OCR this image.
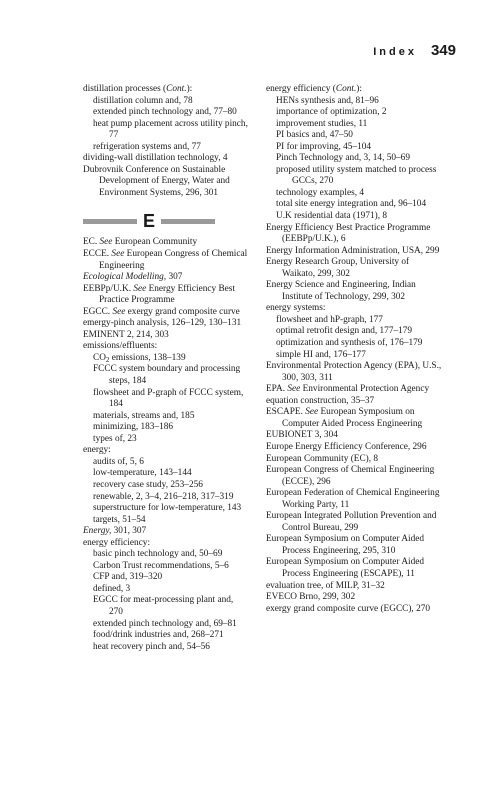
Index 349

distillation processes (Cont.):

distillation column and, 78

extended pinch technology and, 77–80

heat pump placement across utility pinch, 77

refrigeration systems and, 77

dividing-wall distillation technology, 4

Dubrovnik Conference on Sustainable Development of Energy, Water and Environment Systems, 296, 301

E

EC. See European Community

ECCE. See European Congress of Chemical Engineering

Ecological Modelling, 307

EEBPp/U.K. See Energy Efficiency Best Practice Programme

EGCC. See exergy grand composite curve

emergy-pinch analysis, 126–129, 130–131

EMINENT 2, 214, 303

emissions/effluents:

$CO_2$ emissions, 138–139

FCCC system boundary and processing steps, 184

flowsheet and P-graph of FCCC system, 184

materials, streams and, 185

minimizing, 183–186

types of, 23

energy:

audits of, 5, 6

low-temperature, 143–144

recovery case study, 253–256

renewable, 2, 3–4, 216–218, 317–319

superstructure for low-temperature, 143

targets, 51–54

Energy, 301, 307

energy efficiency:

basic pinch technology and, 50–69

Carbon Trust recommendations, 5–6

CFP and, 319–320

defined, 3

EGCC for meat-processing plant and, 270

extended pinch technology and, 69–81

food/drink industries and, 268–271

heat recovery pinch and, 54–56

energy efficiency (Cont.):

HENs synthesis and, 81–96

importance of optimization, 2

improvement studies, 11

PI basics and, 47–50

PI for improving, 45–104

Pinch Technology and, 3, 14, 50–69

proposed utility system matched to process GCCs, 270

technology examples, 4

total site energy integration and, 96–104

U.K residential data (1971), 8

Energy Efficiency Best Practice Programme (EEBPp/U.K.), 6

Energy Information Administration, USA, 299

Energy Research Group, University of Waikato, 299, 302

Energy Science and Engineering, Indian Institute of Technology, 299, 302

energy systems:

flowsheet and hP-graph, 177

optimal retrofit design and, 177–179

optimization and synthesis of, 176–179

simple HI and, 176–177

Environmental Protection Agency (EPA), U.S., 300, 303, 311

EPA. See Environmental Protection Agency

equation construction, 35–37

ESCAPE. See European Symposium on Computer Aided Process Engineering

EUBIONET 3, 304

Europe Energy Efficiency Conference, 296

European Community (EC), 8

European Congress of Chemical Engineering (ECCE), 296

European Federation of Chemical Engineering Working Party, 11

European Integrated Pollution Prevention and Control Bureau, 299

European Symposium on Computer Aided Process Engineering, 295, 310

European Symposium on Computer Aided Process Engineering (ESCAPE), 11

evaluation tree, of MILP, 31–32

EVECO Brno, 299, 302

exergy grand composite curve (EGCC), 270
